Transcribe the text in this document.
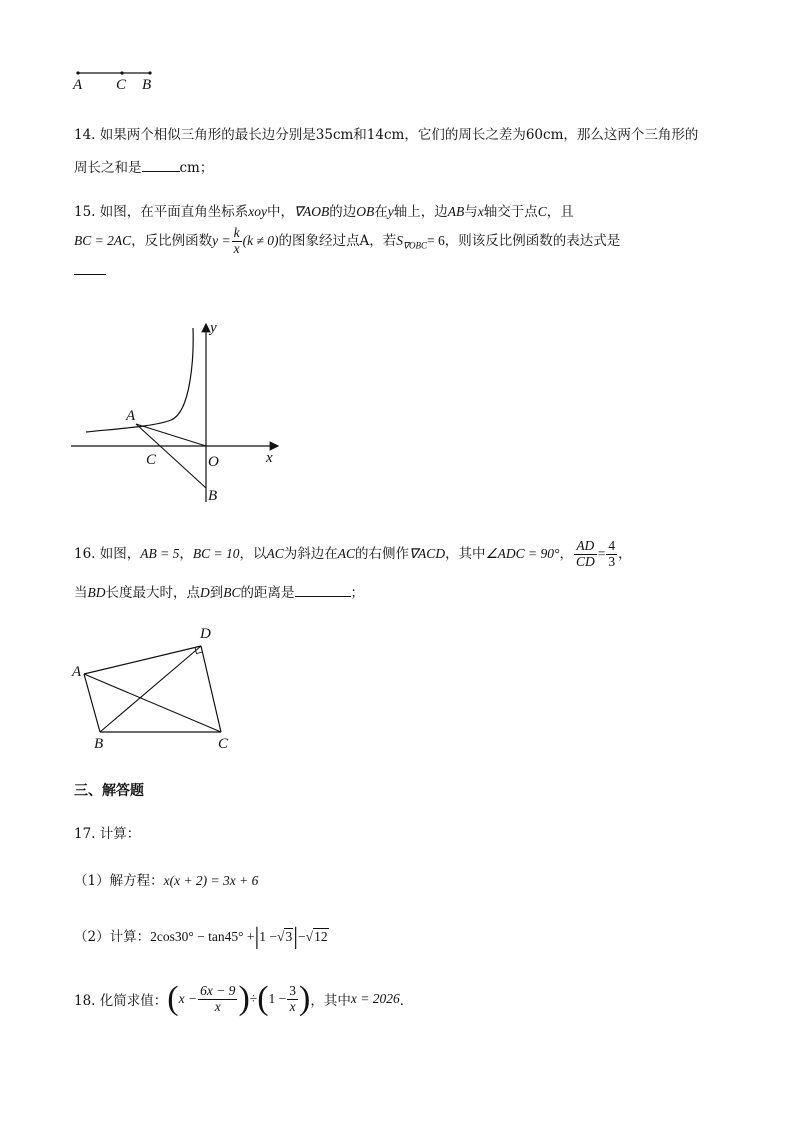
A C B
14. 如果两个相似三角形的最长边分别是35cm和14cm，它们的周长之差为60cm，那么这两个三角形的
周长之和是	cm；
15. 如图，在平面直角坐标系xoy中，∇AOB的边OB在y轴上，边AB与x轴交于点C，且
BC = 2AC，反比例函数$y = \frac{k}{x} (k \ne 0)$的图象经过点A，若$S_{\nabla OBC}= 6$，则该反比例函数的表达式是
y
x
A
C	O
B
16. 如图，AB = 5，BC = 10，以AC为斜边在AC的右侧作∇ACD，其中∠ADC = 90°， $\frac{AD}{CD} = \frac{4}{3}$ ，
当BD长度最大时，点D到BC的距离是	；
A
B	C
D
三、解答题
17. 计算：
（1）解方程：x(x + 2) = 3x + 6
（2）计算：2cos30° − tan45° +|1 −√3|−√12
18. 化简求值：$(x - \frac{6x - 9}{x} )\div(1 - \frac{3}{x}$ )，其中x = 2026．
